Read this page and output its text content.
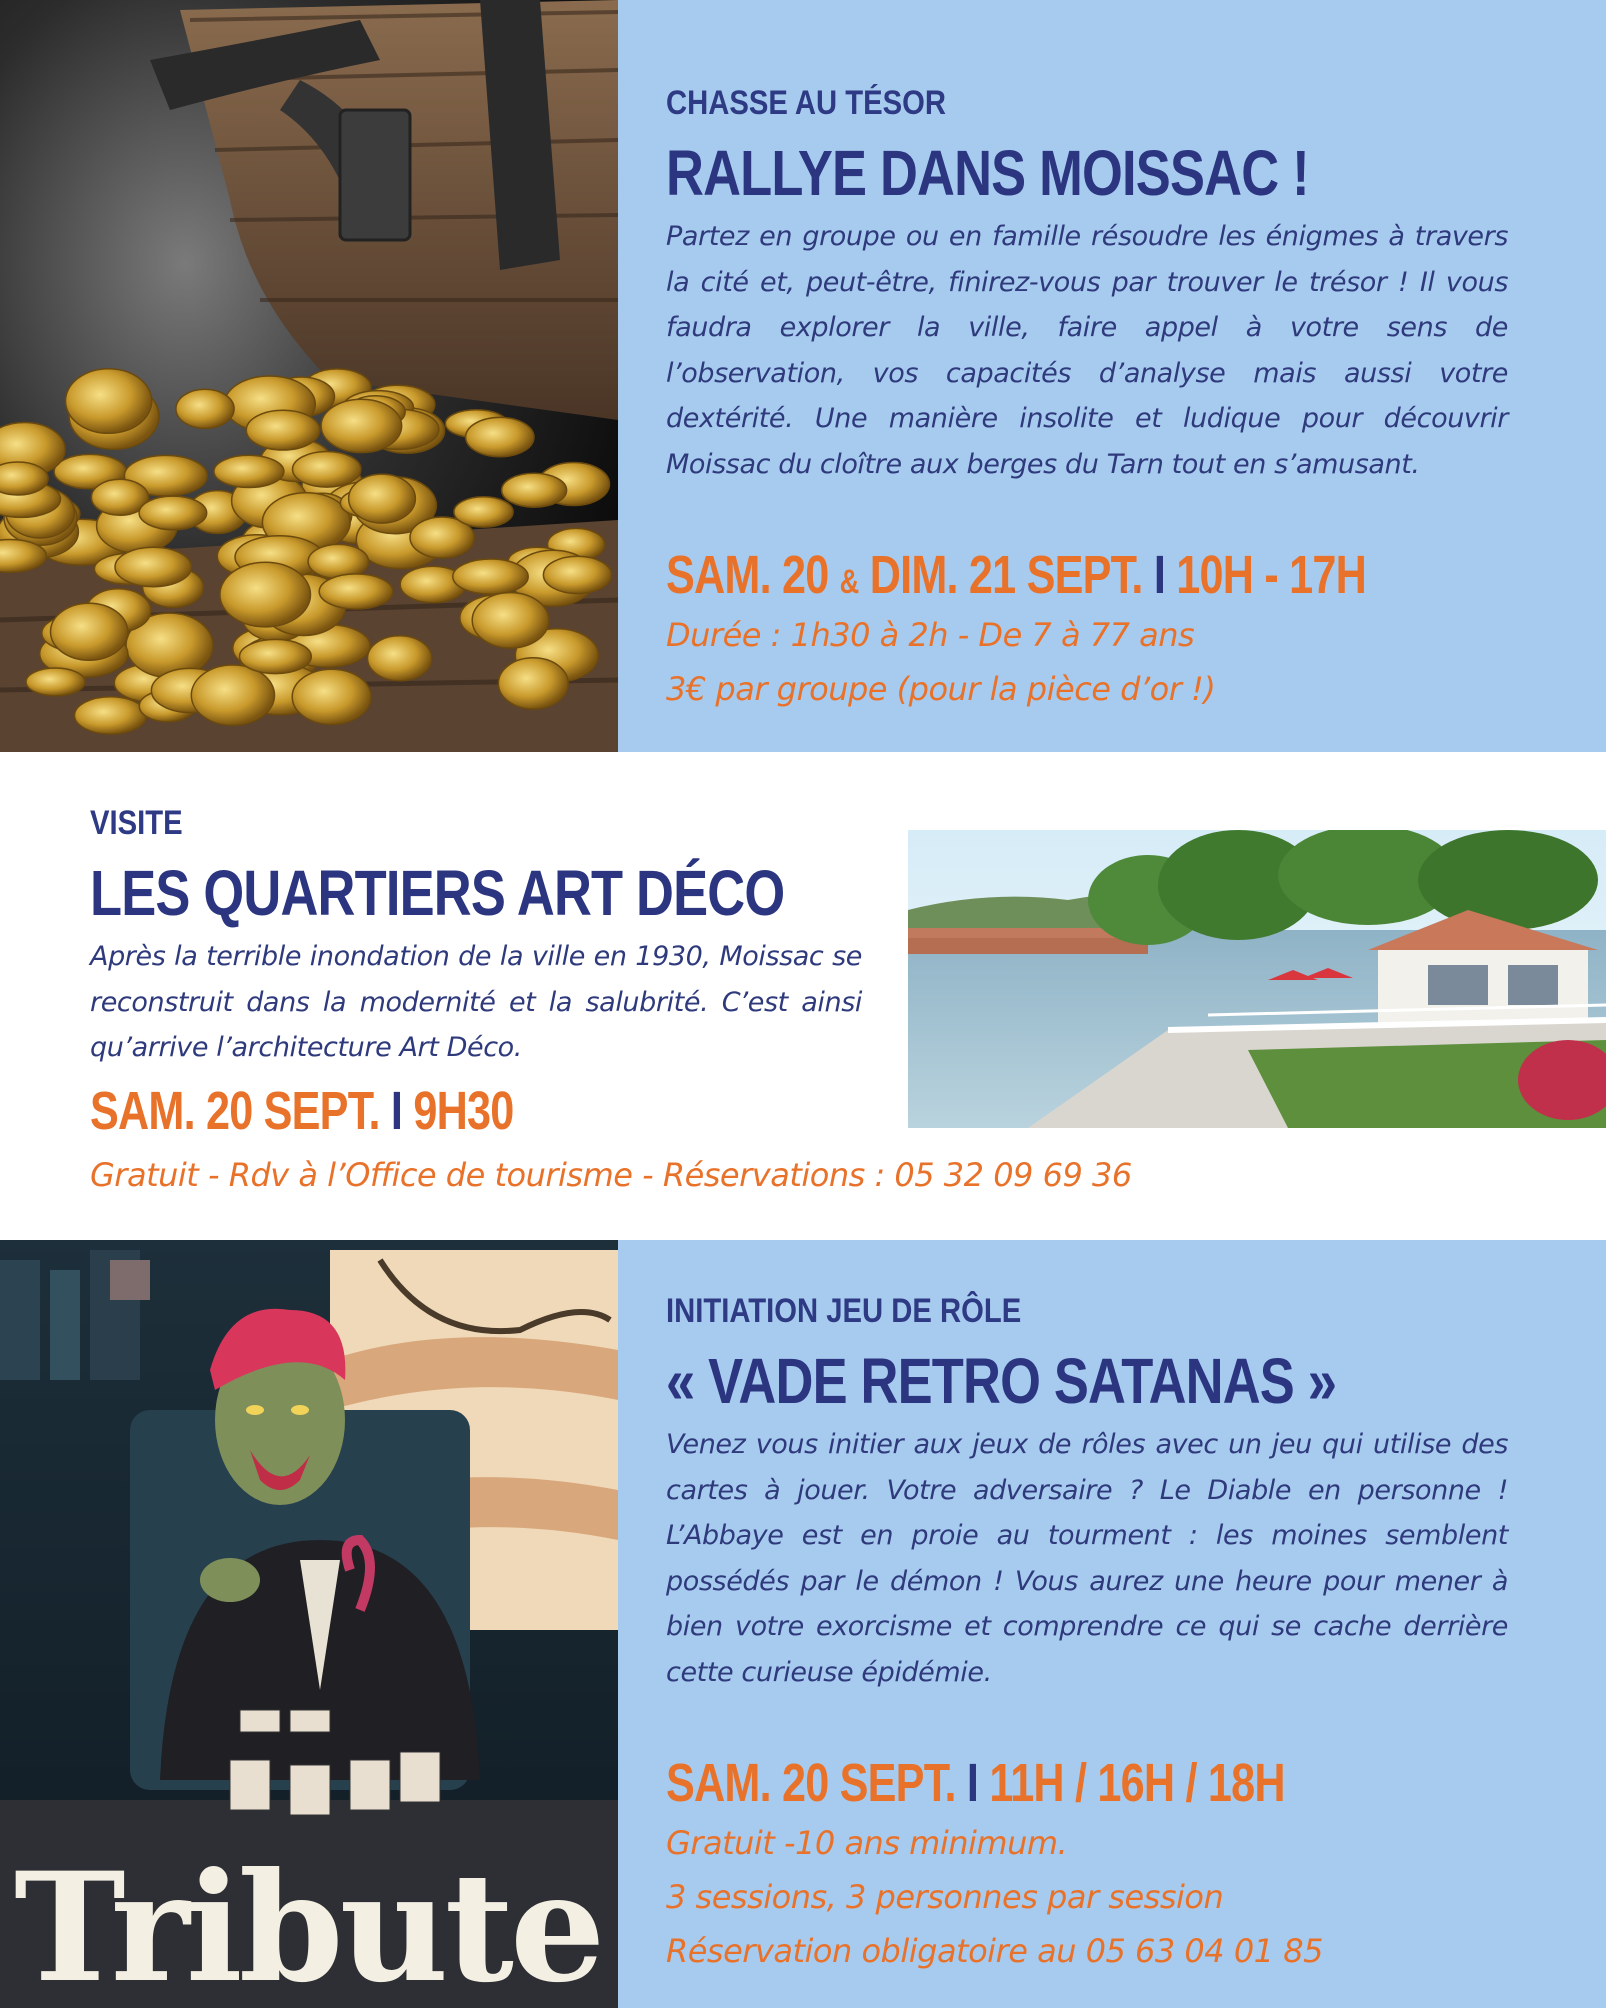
CHASSE AU TÉSOR
RALLYE DANS MOISSAC !
Partez en groupe ou en famille résoudre les énigmes à travers la cité et, peut-être, finirez-vous par trouver le trésor ! Il vous faudra explorer la ville, faire appel à votre sens de l’observation, vos capacités d’analyse mais aussi votre dextérité. Une manière insolite et ludique pour découvrir Moissac du cloître aux berges du Tarn tout en s’amusant.
SAM. 20 & DIM. 21 SEPT. I 10H - 17H
Durée : 1h30 à 2h - De 7 à 77 ans
3€ par groupe (pour la pièce d’or !)
VISITE
LES QUARTIERS ART DÉCO
Après la terrible inondation de la ville en 1930, Moissac se reconstruit dans la modernité et la salubrité. C’est ainsi qu’arrive l’architecture Art Déco.
SAM. 20 SEPT. I 9H30
Gratuit - Rdv à l’Office de tourisme - Réservations : 05 32 09 69 36
Tribute
INITIATION JEU DE RÔLE
« VADE RETRO SATANAS »
Venez vous initier aux jeux de rôles avec un jeu qui utilise des cartes à jouer. Votre adversaire ? Le Diable en personne ! L’Abbaye est en proie au tourment : les moines semblent possédés par le démon ! Vous aurez une heure pour mener à bien votre exorcisme et comprendre ce qui se cache derrière cette curieuse épidémie.
SAM. 20 SEPT. I 11H / 16H / 18H
Gratuit -10 ans minimum.
3 sessions, 3 personnes par session
Réservation obligatoire au 05 63 04 01 85
